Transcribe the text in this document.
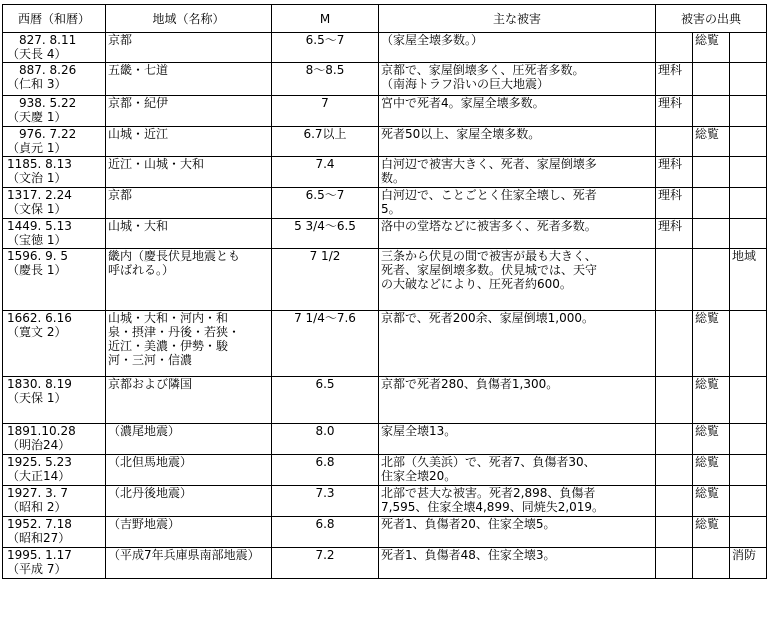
西暦（和暦）	地域（名称）	M	主な被害	被害の出典		
　827. 8.11
（天長 4）	京都	6.5～7	（家屋全壊多数。）		総覧	
　887. 8.26
（仁和 3）	五畿・七道	8～8.5	京都で、家屋倒壊多く、圧死者多数。
（南海トラフ沿いの巨大地震）	理科		
　938. 5.22
（天慶 1）	京都・紀伊	7	宮中で死者4。家屋全壊多数。	理科		
　976. 7.22
（貞元 1）	山城・近江	6.7以上	死者50以上、家屋全壊多数。		総覧	
1185. 8.13
（文治 1）	近江・山城・大和	7.4	白河辺で被害大きく、死者、家屋倒壊多
数。	理科		
1317. 2.24
（文保 1）	京都	6.5～7	白河辺で、ことごとく住家全壊し、死者
5。	理科		
1449. 5.13
（宝徳 1）	山城・大和	5 3/4～6.5	洛中の堂塔などに被害多く、死者多数。	理科		
1596. 9. 5
（慶長 1）	畿内（慶長伏見地震とも
呼ばれる。）	7 1/2	三条から伏見の間で被害が最も大きく、
死者、家屋倒壊多数。伏見城では、天守
の大破などにより、圧死者約600。			地域
1662. 6.16
（寛文 2）	山城・大和・河内・和
泉・摂津・丹後・若狭・
近江・美濃・伊勢・駿
河・三河・信濃	7 1/4～7.6	京都で、死者200余、家屋倒壊1,000。		総覧	
1830. 8.19
（天保 1）	京都および隣国	6.5	京都で死者280、負傷者1,300。		総覧	
1891.10.28
（明治24）	（濃尾地震）	8.0	家屋全壊13。		総覧	
1925. 5.23
（大正14）	（北但馬地震）	6.8	北部（久美浜）で、死者7、負傷者30、
住家全壊20。		総覧	
1927. 3. 7
（昭和 2）	（北丹後地震）	7.3	北部で甚大な被害。死者2,898、負傷者
7,595、住家全壊4,899、同焼失2,019。		総覧	
1952. 7.18
（昭和27）	（吉野地震）	6.8	死者1、負傷者20、住家全壊5。		総覧	
1995. 1.17
（平成 7）	（平成7年兵庫県南部地震）	7.2	死者1、負傷者48、住家全壊3。			消防
